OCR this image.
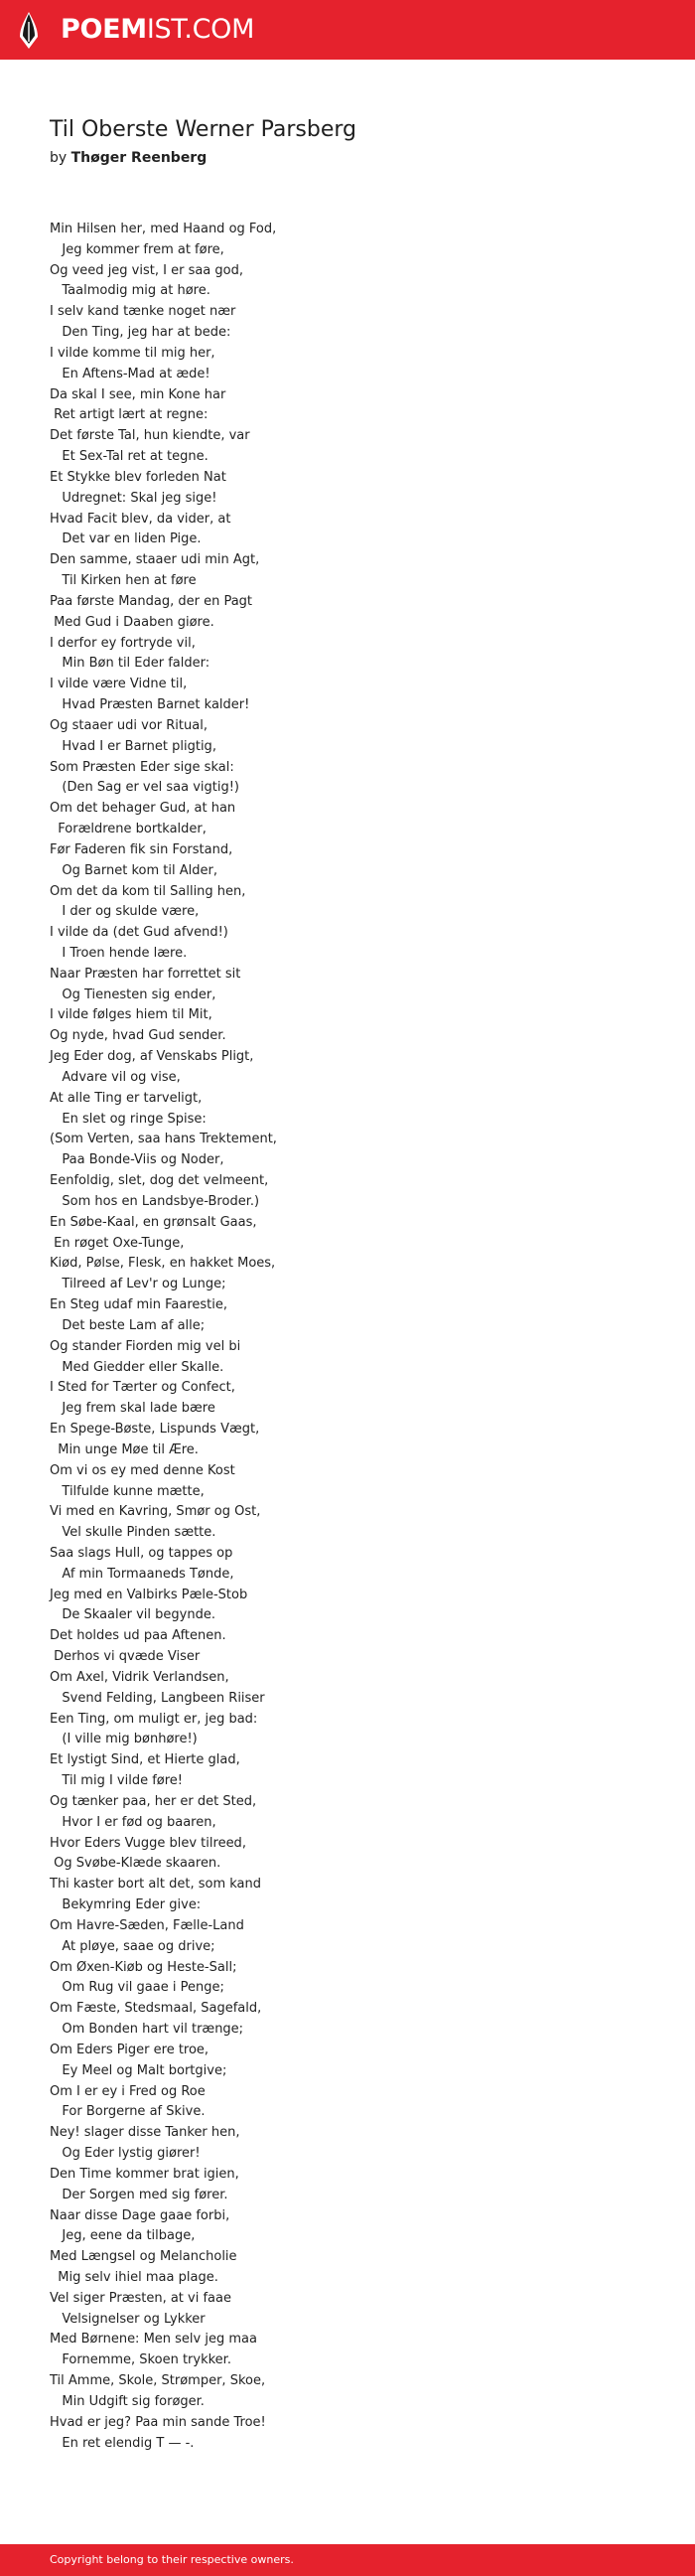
POEMIST.COM
Til Oberste Werner Parsberg
by Thøger Reenberg
Min Hilsen her, med Haand og Fod,
Jeg kommer frem at føre,
Og veed jeg vist, I er saa god,
Taalmodig mig at høre.
I selv kand tænke noget nær
Den Ting, jeg har at bede:
I vilde komme til mig her,
En Aftens-Mad at æde!
Da skal I see, min Kone har
Ret artigt lært at regne:
Det første Tal, hun kiendte, var
Et Sex-Tal ret at tegne.
Et Stykke blev forleden Nat
Udregnet: Skal jeg sige!
Hvad Facit blev, da vider, at
Det var en liden Pige.
Den samme, staaer udi min Agt,
Til Kirken hen at føre
Paa første Mandag, der en Pagt
Med Gud i Daaben giøre.
I derfor ey fortryde vil,
Min Bøn til Eder falder:
I vilde være Vidne til,
Hvad Præsten Barnet kalder!
Og staaer udi vor Ritual,
Hvad I er Barnet pligtig,
Som Præsten Eder sige skal:
(Den Sag er vel saa vigtig!)
Om det behager Gud, at han
Forældrene bortkalder,
Før Faderen fik sin Forstand,
Og Barnet kom til Alder,
Om det da kom til Salling hen,
I der og skulde være,
I vilde da (det Gud afvend!)
I Troen hende lære.
Naar Præsten har forrettet sit
Og Tienesten sig ender,
I vilde følges hiem til Mit,
Og nyde, hvad Gud sender.
Jeg Eder dog, af Venskabs Pligt,
Advare vil og vise,
At alle Ting er tarveligt,
En slet og ringe Spise:
(Som Verten, saa hans Trektement,
Paa Bonde-Viis og Noder,
Eenfoldig, slet, dog det velmeent,
Som hos en Landsbye-Broder.)
En Søbe-Kaal, en grønsalt Gaas,
En røget Oxe-Tunge,
Kiød, Pølse, Flesk, en hakket Moes,
Tilreed af Lev'r og Lunge;
En Steg udaf min Faarestie,
Det beste Lam af alle;
Og stander Fiorden mig vel bi
Med Giedder eller Skalle.
I Sted for Tærter og Confect,
Jeg frem skal lade bære
En Spege-Bøste, Lispunds Vægt,
Min unge Møe til Ære.
Om vi os ey med denne Kost
Tilfulde kunne mætte,
Vi med en Kavring, Smør og Ost,
Vel skulle Pinden sætte.
Saa slags Hull, og tappes op
Af min Tormaaneds Tønde,
Jeg med en Valbirks Pæle-Stob
De Skaaler vil begynde.
Det holdes ud paa Aftenen.
Derhos vi qvæde Viser
Om Axel, Vidrik Verlandsen,
Svend Felding, Langbeen Riiser
Een Ting, om muligt er, jeg bad:
(I ville mig bønhøre!)
Et lystigt Sind, et Hierte glad,
Til mig I vilde føre!
Og tænker paa, her er det Sted,
Hvor I er fød og baaren,
Hvor Eders Vugge blev tilreed,
Og Svøbe-Klæde skaaren.
Thi kaster bort alt det, som kand
Bekymring Eder give:
Om Havre-Sæden, Fælle-Land
At pløye, saae og drive;
Om Øxen-Kiøb og Heste-Sall;
Om Rug vil gaae i Penge;
Om Fæste, Stedsmaal, Sagefald,
Om Bonden hart vil trænge;
Om Eders Piger ere troe,
Ey Meel og Malt bortgive;
Om I er ey i Fred og Roe
For Borgerne af Skive.
Ney! slager disse Tanker hen,
Og Eder lystig giører!
Den Time kommer brat igien,
Der Sorgen med sig fører.
Naar disse Dage gaae forbi,
Jeg, eene da tilbage,
Med Længsel og Melancholie
Mig selv ihiel maa plage.
Vel siger Præsten, at vi faae
Velsignelser og Lykker
Med Børnene: Men selv jeg maa
Fornemme, Skoen trykker.
Til Amme, Skole, Strømper, Skoe,
Min Udgift sig forøger.
Hvad er jeg? Paa min sande Troe!
En ret elendig T — -.
Copyright belong to their respective owners.
